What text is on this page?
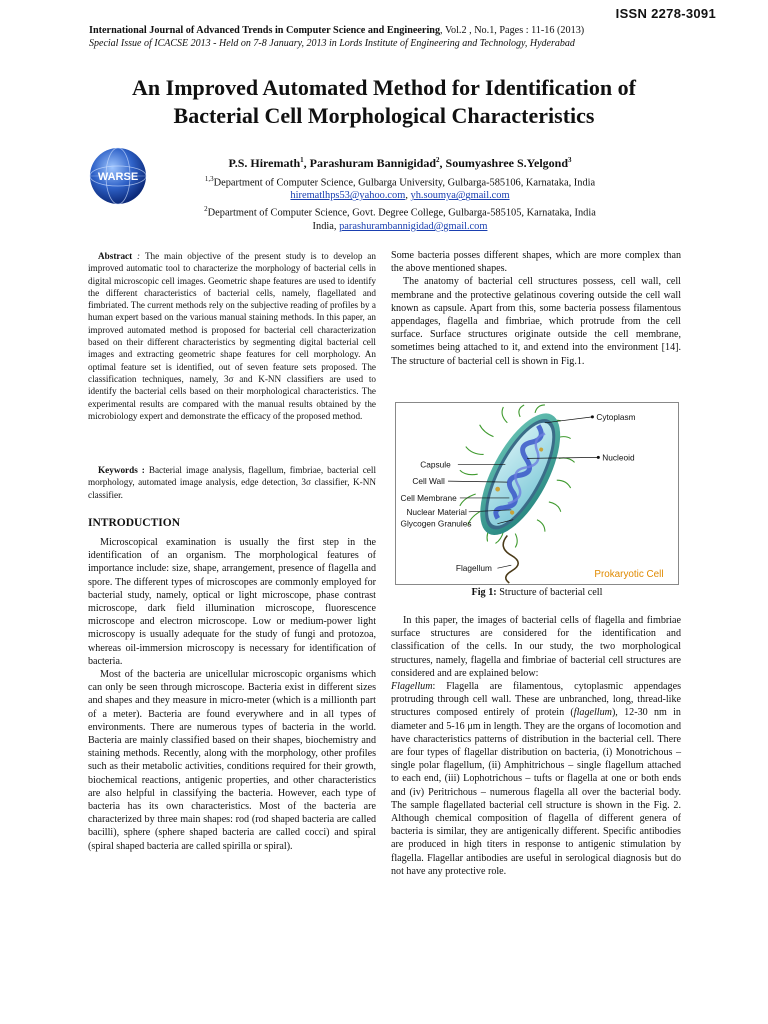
ISSN 2278-3091
International Journal of Advanced Trends in Computer Science and Engineering, Vol.2 , No.1, Pages : 11-16 (2013)
Special Issue of ICACSE 2013 - Held on 7-8 January, 2013 in Lords Institute of Engineering and Technology, Hyderabad
An Improved Automated Method for Identification of
Bacterial Cell Morphological Characteristics
WARSE
P.S. Hiremath$^1$, Parashuram Bannigidad$^2$, Soumyashree S.Yelgond$^3$
$^{1,3}$Department of Computer Science, Gulbarga University, Gulbarga-585106, Karnataka, India
hirematlhps53@yahoo.com, yh.soumya@gmail.com
$^2$Department of Computer Science, Govt. Degree College, Gulbarga-585105, Karnataka, India
India, parashurambannigidad@gmail.com
Abstract : The main objective of the present study is to develop an improved automatic tool to characterize the morphology of bacterial cells in digital microscopic cell images. Geometric shape features are used to identify the different characteristics of bacterial cells, namely, flagellated and fimbriated. The current methods rely on the subjective reading of profiles by a human expert based on the various manual staining methods. In this paper, an improved automated method is proposed for bacterial cell characterization based on their different characteristics by segmenting digital bacterial cell images and extracting geometric shape features for cell morphology. An optimal feature set is identified, out of seven feature sets proposed. The classification techniques, namely, 3σ and K-NN classifiers are used to identify the bacterial cells based on their morphological characteristics. The experimental results are compared with the manual results obtained by the microbiology expert and demonstrate the efficacy of the proposed method.
Keywords : Bacterial image analysis, flagellum, fimbriae, bacterial cell morphology, automated image analysis, edge detection, 3σ classifier, K-NN classifier.
INTRODUCTION

Microscopical examination is usually the first step in the identification of an organism. The morphological features of importance include: size, shape, arrangement, presence of flagella and spore. The different types of microscopes are commonly employed for bacterial study, namely, optical or light microscope, phase contrast microscope, dark field illumination microscope, fluorescence microscope and electron microscope. Low or medium-power light microscopy is usually adequate for the study of fungi and protozoa, whereas oil-immersion microscopy is necessary for identification of bacteria.

Most of the bacteria are unicellular microscopic organisms which can only be seen through microscope. Bacteria exist in different sizes and shapes and they measure in micro-meter (which is a millionth part of a meter). Bacteria are found everywhere and in all types of environments. There are numerous types of bacteria in the world. Bacteria are mainly classified based on their shapes, biochemistry and staining methods. Recently, along with the morphology, other profiles such as their metabolic activities, conditions required for their growth, biochemical reactions, antigenic properties, and other characteristics are also helpful in classifying the bacteria. However, each type of bacteria has its own characteristics. Most of the bacteria are characterized by three main shapes: rod (rod shaped bacteria are called bacilli), sphere (sphere shaped bacteria are called cocci) and spiral (spiral shaped bacteria are called spirilla or spiral).

Some bacteria posses different shapes, which are more complex than the above mentioned shapes.

The anatomy of bacterial cell structures possess, cell wall, cell membrane and the protective gelatinous covering outside the cell wall known as capsule. Apart from this, some bacteria possess filamentous appendages, flagella and fimbriae, which protrude from the cell surface. Surface structures originate outside the cell membrane, sometimes being attached to it, and extend into the environment [14]. The structure of bacterial cell is shown in Fig.1.

Cytoplasm
Nucleoid
Capsule
Cell Wall
Cell Membrane
Nuclear Material
Glycogen Granules
Flagellum
Prokaryotic Cell
Fig 1: Structure of bacterial cell

In this paper, the images of bacterial cells of flagella and fimbriae surface structures are considered for the identification and classification of the cells. In our study, the two morphological structures, namely, flagella and fimbriae of bacterial cell structures are considered and are explained below:

Flagellum: Flagella are filamentous, cytoplasmic appendages protruding through cell wall. These are unbranched, long, thread-like structures composed entirely of protein (flagellum), 12-30 nm in diameter and 5-16 μm in length. They are the organs of locomotion and have characteristics patterns of distribution in the bacterial cell. There are four types of flagellar distribution on bacteria, (i) Monotrichous – single polar flagellum, (ii) Amphitrichous – single flagellum attached to each end, (iii) Lophotrichous – tufts or flagella at one or both ends and (iv) Peritrichous – numerous flagella all over the bacterial body. The sample flagellated bacterial cell structure is shown in the Fig. 2. Although chemical composition of flagella of different genera of bacteria is similar, they are antigenically different. Specific antibodies are produced in high titers in response to antigenic stimulation by flagella. Flagellar antibodies are useful in serological diagnosis but do not have any protective role.
